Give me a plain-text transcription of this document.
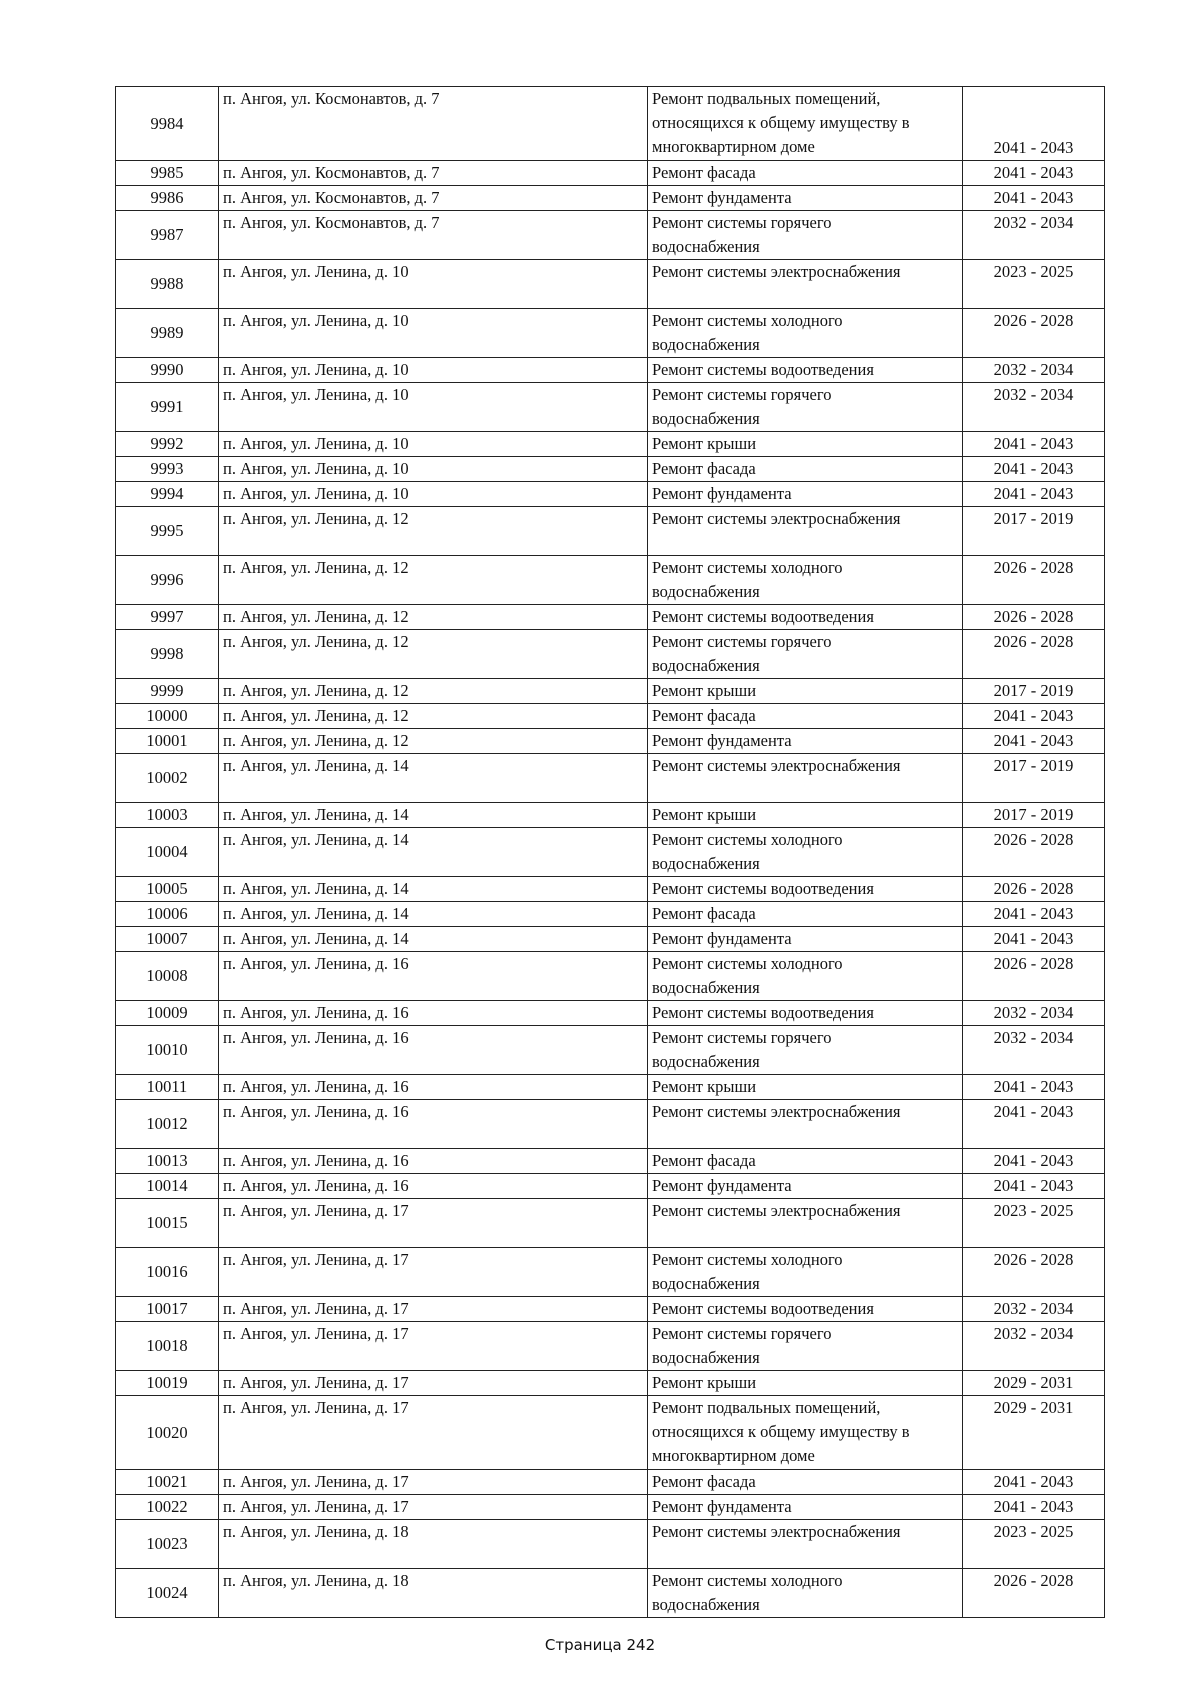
9984	п. Ангоя, ул. Космонавтов, д. 7	Ремонт подвальных помещений,
относящихся к общему имуществу в
многоквартирном доме	2041 - 2043
9985	п. Ангоя, ул. Космонавтов, д. 7	Ремонт фасада	2041 - 2043
9986	п. Ангоя, ул. Космонавтов, д. 7	Ремонт фундамента	2041 - 2043
9987	п. Ангоя, ул. Космонавтов, д. 7	Ремонт системы горячего
водоснабжения	2032 - 2034
9988	п. Ангоя, ул. Ленина, д. 10	Ремонт системы электроснабжения	2023 - 2025
9989	п. Ангоя, ул. Ленина, д. 10	Ремонт системы холодного
водоснабжения	2026 - 2028
9990	п. Ангоя, ул. Ленина, д. 10	Ремонт системы водоотведения	2032 - 2034
9991	п. Ангоя, ул. Ленина, д. 10	Ремонт системы горячего
водоснабжения	2032 - 2034
9992	п. Ангоя, ул. Ленина, д. 10	Ремонт крыши	2041 - 2043
9993	п. Ангоя, ул. Ленина, д. 10	Ремонт фасада	2041 - 2043
9994	п. Ангоя, ул. Ленина, д. 10	Ремонт фундамента	2041 - 2043
9995	п. Ангоя, ул. Ленина, д. 12	Ремонт системы электроснабжения	2017 - 2019
9996	п. Ангоя, ул. Ленина, д. 12	Ремонт системы холодного
водоснабжения	2026 - 2028
9997	п. Ангоя, ул. Ленина, д. 12	Ремонт системы водоотведения	2026 - 2028
9998	п. Ангоя, ул. Ленина, д. 12	Ремонт системы горячего
водоснабжения	2026 - 2028
9999	п. Ангоя, ул. Ленина, д. 12	Ремонт крыши	2017 - 2019
10000	п. Ангоя, ул. Ленина, д. 12	Ремонт фасада	2041 - 2043
10001	п. Ангоя, ул. Ленина, д. 12	Ремонт фундамента	2041 - 2043
10002	п. Ангоя, ул. Ленина, д. 14	Ремонт системы электроснабжения	2017 - 2019
10003	п. Ангоя, ул. Ленина, д. 14	Ремонт крыши	2017 - 2019
10004	п. Ангоя, ул. Ленина, д. 14	Ремонт системы холодного
водоснабжения	2026 - 2028
10005	п. Ангоя, ул. Ленина, д. 14	Ремонт системы водоотведения	2026 - 2028
10006	п. Ангоя, ул. Ленина, д. 14	Ремонт фасада	2041 - 2043
10007	п. Ангоя, ул. Ленина, д. 14	Ремонт фундамента	2041 - 2043
10008	п. Ангоя, ул. Ленина, д. 16	Ремонт системы холодного
водоснабжения	2026 - 2028
10009	п. Ангоя, ул. Ленина, д. 16	Ремонт системы водоотведения	2032 - 2034
10010	п. Ангоя, ул. Ленина, д. 16	Ремонт системы горячего
водоснабжения	2032 - 2034
10011	п. Ангоя, ул. Ленина, д. 16	Ремонт крыши	2041 - 2043
10012	п. Ангоя, ул. Ленина, д. 16	Ремонт системы электроснабжения	2041 - 2043
10013	п. Ангоя, ул. Ленина, д. 16	Ремонт фасада	2041 - 2043
10014	п. Ангоя, ул. Ленина, д. 16	Ремонт фундамента	2041 - 2043
10015	п. Ангоя, ул. Ленина, д. 17	Ремонт системы электроснабжения	2023 - 2025
10016	п. Ангоя, ул. Ленина, д. 17	Ремонт системы холодного
водоснабжения	2026 - 2028
10017	п. Ангоя, ул. Ленина, д. 17	Ремонт системы водоотведения	2032 - 2034
10018	п. Ангоя, ул. Ленина, д. 17	Ремонт системы горячего
водоснабжения	2032 - 2034
10019	п. Ангоя, ул. Ленина, д. 17	Ремонт крыши	2029 - 2031
10020	п. Ангоя, ул. Ленина, д. 17	Ремонт подвальных помещений,
относящихся к общему имуществу в
многоквартирном доме	2029 - 2031
10021	п. Ангоя, ул. Ленина, д. 17	Ремонт фасада	2041 - 2043
10022	п. Ангоя, ул. Ленина, д. 17	Ремонт фундамента	2041 - 2043
10023	п. Ангоя, ул. Ленина, д. 18	Ремонт системы электроснабжения	2023 - 2025
10024	п. Ангоя, ул. Ленина, д. 18	Ремонт системы холодного
водоснабжения	2026 - 2028
Страница 242
